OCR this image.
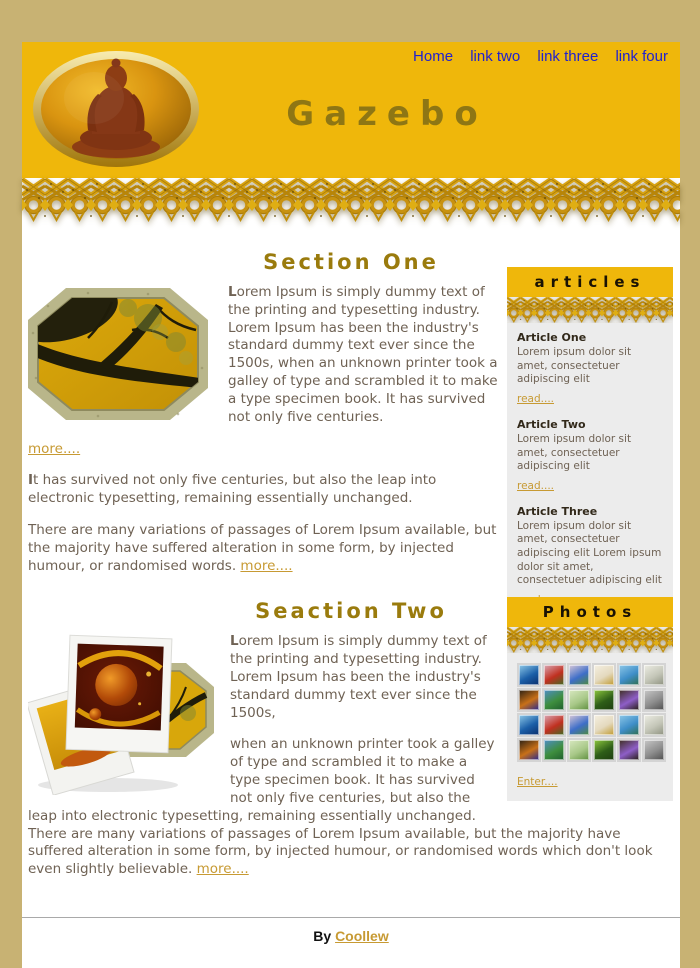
Home link two link three link four
Gazebo
Section One

Lorem Ipsum is simply dummy text of the printing and typesetting industry. Lorem Ipsum has been the industry's standard dummy text ever since the 1500s, when an unknown printer took a galley of type and scrambled it to make a type specimen book. It has survived not only five centuries.

more....

It has survived not only five centuries, but also the leap into electronic typesetting, remaining essentially unchanged.

There are many variations of passages of Lorem Ipsum available, but the majority have suffered alteration in some form, by injected humour, or randomised words. more....

Seaction Two

Lorem Ipsum is simply dummy text of the printing and typesetting industry. Lorem Ipsum has been the industry's standard dummy text ever since the 1500s,

when an unknown printer took a galley of type and scrambled it to make a type specimen book. It has survived not only five centuries, but also the leap into electronic typesetting, remaining essentially unchanged. There are many variations of passages of Lorem Ipsum available, but the majority have suffered alteration in some form, by injected humour, or randomised words which don't look even slightly believable. more....

articles
Article One
Lorem ipsum dolor sit amet, consectetuer adipiscing elit
read....
Article Two
Lorem ipsum dolor sit amet, consectetuer adipiscing elit
read....
Article Three
Lorem ipsum dolor sit amet, consectetuer adipiscing elit Lorem ipsum dolor sit amet, consectetuer adipiscing elit
Photos
Enter....
By Coollew
